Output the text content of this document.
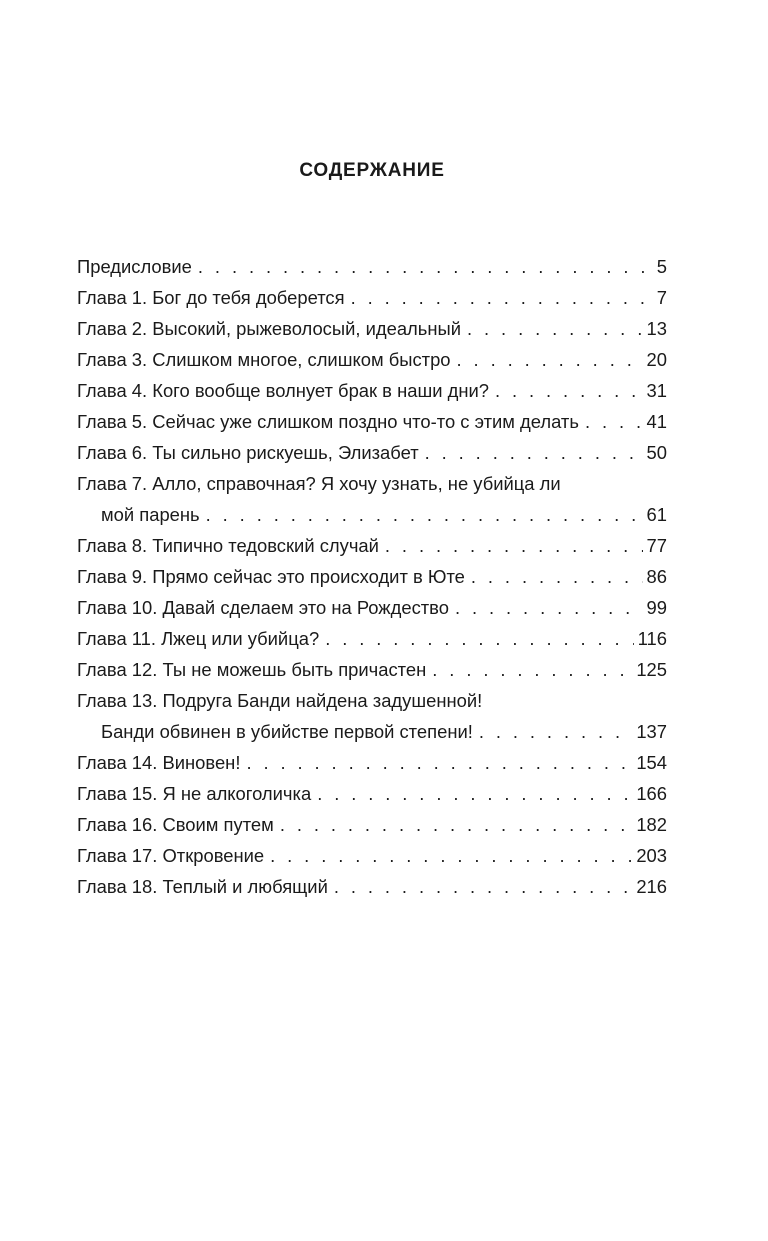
СОДЕРЖАНИЕ
Предисловие . . .	5
Глава 1. Бог до тебя доберется . . .	7
Глава 2. Высокий, рыжеволосый, идеальный . . .	13
Глава 3. Слишком многое, слишком быстро . . .	20
Глава 4. Кого вообще волнует брак в наши дни? . . .	31
Глава 5. Сейчас уже слишком поздно что-то с этим делать . . .	41
Глава 6. Ты сильно рискуешь, Элизабет . . .	50
Глава 7. Алло, справочная? Я хочу узнать, не убийца ли
мой парень . . .	61
Глава 8. Типично тедовский случай . . .	77
Глава 9. Прямо сейчас это происходит в Юте . . .	86
Глава 10. Давай сделаем это на Рождество . . .	99
Глава 11. Лжец или убийца? . . .	116
Глава 12. Ты не можешь быть причастен . . .	125
Глава 13. Подруга Банди найдена задушенной!
Банди обвинен в убийстве первой степени! . . .	137
Глава 14. Виновен! . . .	154
Глава 15. Я не алкоголичка . . .	166
Глава 16. Своим путем . . .	182
Глава 17. Откровение . . .	203
Глава 18. Теплый и любящий . . .	216
